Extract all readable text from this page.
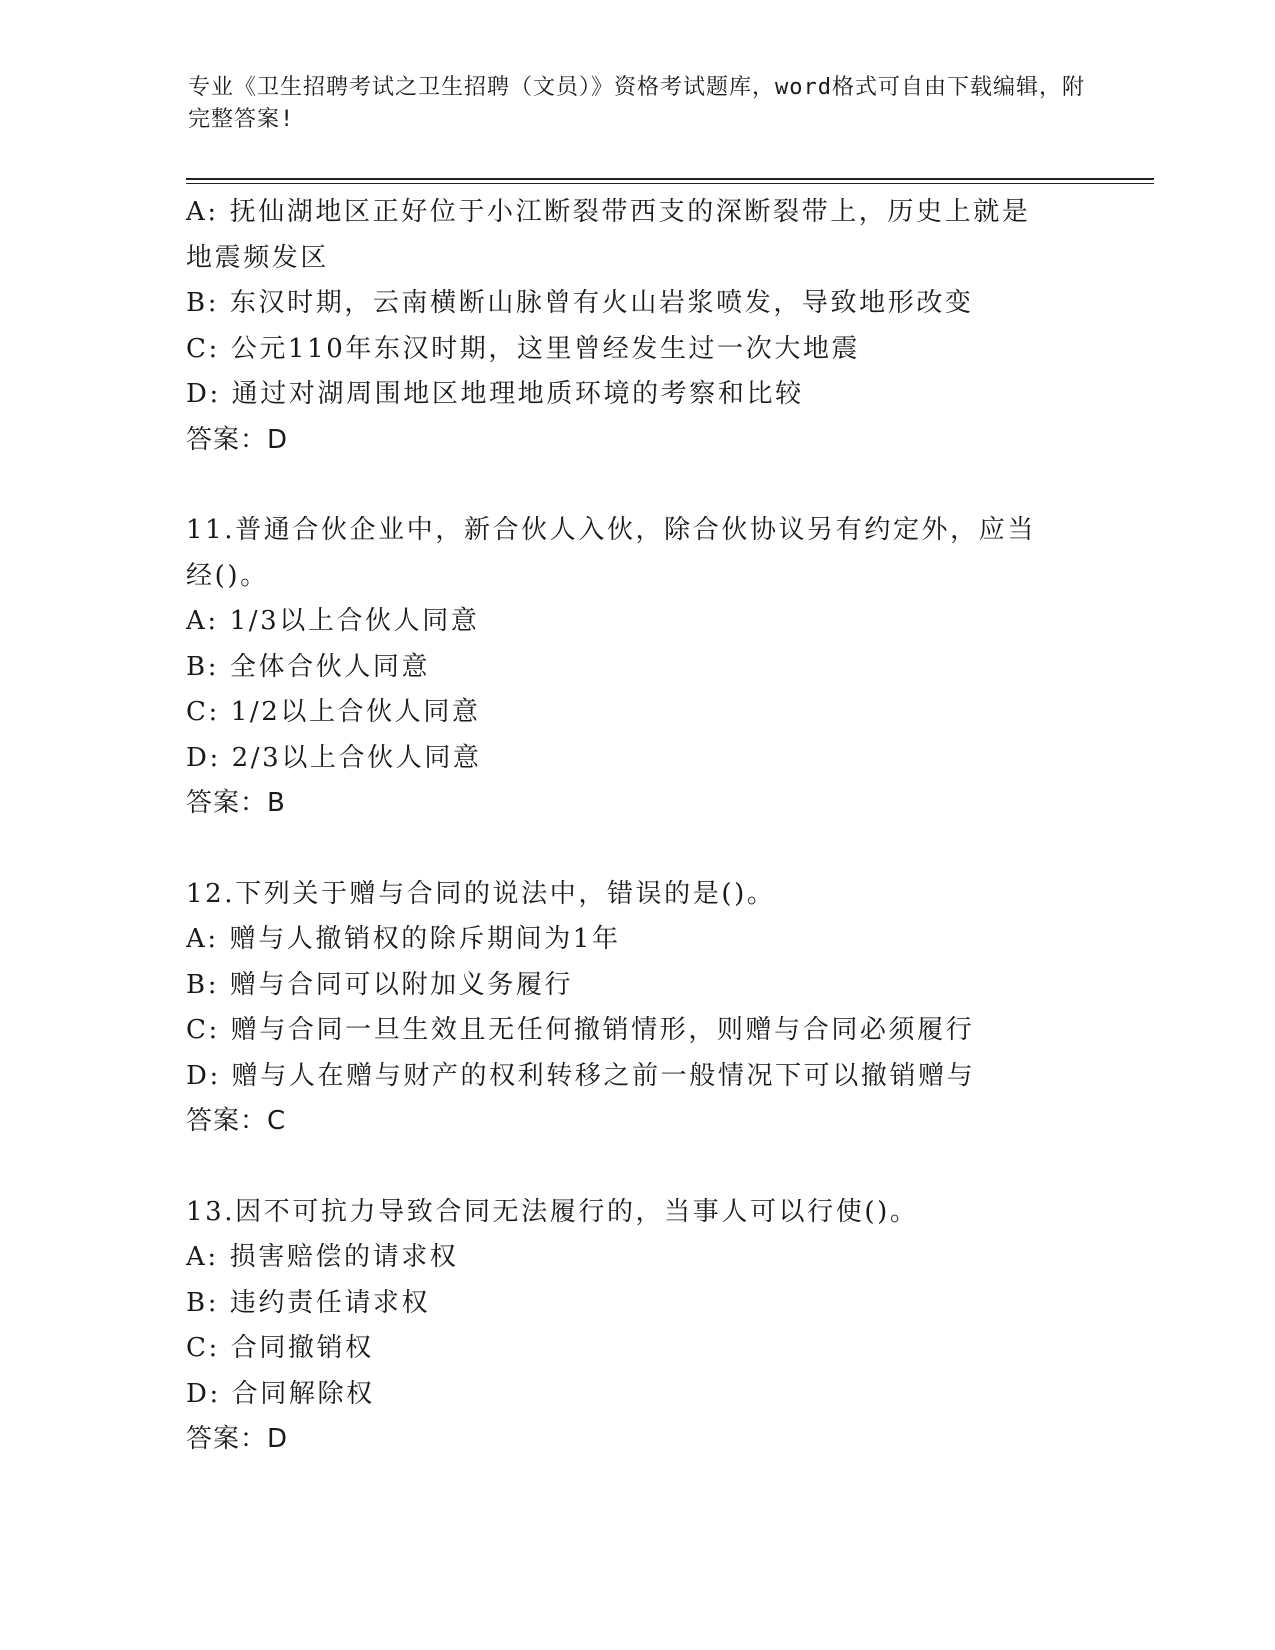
专业《卫生招聘考试之卫生招聘（文员）》资格考试题库，word格式可自由下载编辑，附完整答案!
A: 抚仙湖地区正好位于小江断裂带西支的深断裂带上，历史上就是地震频发区
B: 东汉时期，云南横断山脉曾有火山岩浆喷发，导致地形改变
C: 公元110年东汉时期，这里曾经发生过一次大地震
D: 通过对湖周围地区地理地质环境的考察和比较
答案：D
11.普通合伙企业中，新合伙人入伙，除合伙协议另有约定外，应当经()。
A: 1/3以上合伙人同意
B: 全体合伙人同意
C: 1/2以上合伙人同意
D: 2/3以上合伙人同意
答案：B
12.下列关于赠与合同的说法中，错误的是()。
A: 赠与人撤销权的除斥期间为1年
B: 赠与合同可以附加义务履行
C: 赠与合同一旦生效且无任何撤销情形，则赠与合同必须履行
D: 赠与人在赠与财产的权利转移之前一般情况下可以撤销赠与
答案：C
13.因不可抗力导致合同无法履行的，当事人可以行使()。
A: 损害赔偿的请求权
B: 违约责任请求权
C: 合同撤销权
D: 合同解除权
答案：D
